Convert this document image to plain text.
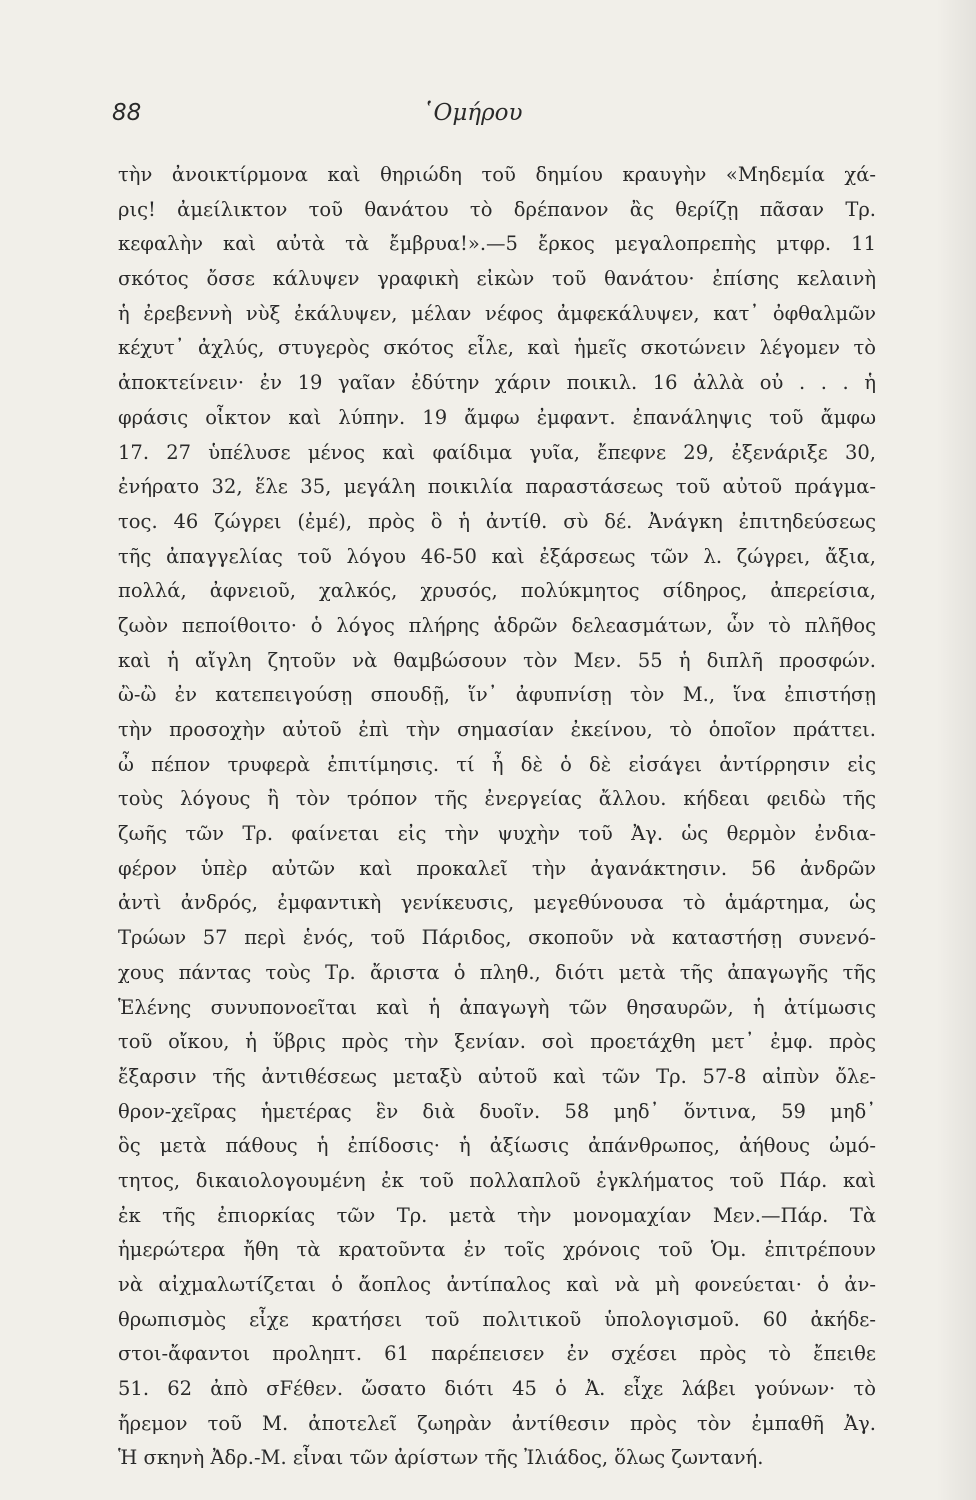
88	῾Ομήρου
τὴν ἀνοικτίρμονα καὶ θηριώδη τοῦ δημίου κραυγὴν «Μηδεμία χά-
ρις! ἀμείλικτον τοῦ θανάτου τὸ δρέπανον ἂς θερίζῃ πᾶσαν Τρ.
κεφαλὴν καὶ αὐτὰ τὰ ἔμβρυα!».—5 ἔρκος μεγαλοπρεπὴς μτφρ. 11
σκότος ὄσσε κάλυψεν γραφικὴ εἰκὼν τοῦ θανάτου· ἐπίσης κελαινὴ
ἡ ἐρεβεννὴ νὺξ ἐκάλυψεν, μέλαν νέφος ἀμφεκάλυψεν, κατ᾽ ὀφθαλμῶν
κέχυτ᾽ ἀχλύς, στυγερὸς σκότος εἷλε, καὶ ἡμεῖς σκοτώνειν λέγομεν τὸ
ἀποκτείνειν· ἐν 19 γαῖαν ἐδύτην χάριν ποικιλ. 16 ἀλλὰ οὐ . . . ἡ
φράσις οἶκτον καὶ λύπην. 19 ἄμφω ἐμφαντ. ἐπανάληψις τοῦ ἄμφω
17. 27 ὑπέλυσε μένος καὶ φαίδιμα γυῖα, ἔπεφνε 29, ἐξενάριξε 30,
ἐνήρατο 32, ἕλε 35, μεγάλη ποικιλία παραστάσεως τοῦ αὐτοῦ πράγμα-
τος. 46 ζώγρει (ἐμέ), πρὸς ὃ ἡ ἀντίθ. σὺ δέ. Ἀνάγκη ἐπιτηδεύσεως
τῆς ἀπαγγελίας τοῦ λόγου 46-50 καὶ ἐξάρσεως τῶν λ. ζώγρει, ἄξια,
πολλά, ἀφνειοῦ, χαλκός, χρυσός, πολύκμητος σίδηρος, ἀπερείσια,
ζωὸν πεποίθοιτο· ὁ λόγος πλήρης ἁδρῶν δελεασμάτων, ὧν τὸ πλῆθος
καὶ ἡ αἴγλη ζητοῦν νὰ θαμβώσουν τὸν Μεν. 55 ἡ διπλῆ προσφών.
ὢ-ὢ ἐν κατεπειγούσῃ σπουδῇ, ἵν᾽ ἀφυπνίσῃ τὸν Μ., ἵνα ἐπιστήσῃ
τὴν προσοχὴν αὐτοῦ ἐπὶ τὴν σημασίαν ἐκείνου, τὸ ὁποῖον πράττει.
ὦ πέπον τρυφερὰ ἐπιτίμησις. τί ἦ δὲ ὁ δὲ εἰσάγει ἀντίρρησιν εἰς
τοὺς λόγους ἢ τὸν τρόπον τῆς ἐνεργείας ἄλλου. κήδεαι φειδὼ τῆς
ζωῆς τῶν Τρ. φαίνεται εἰς τὴν ψυχὴν τοῦ Ἀγ. ὡς θερμὸν ἐνδια-
φέρον ὑπὲρ αὐτῶν καὶ προκαλεῖ τὴν ἀγανάκτησιν. 56 ἀνδρῶν
ἀντὶ ἀνδρός, ἐμφαντικὴ γενίκευσις, μεγεθύνουσα τὸ ἁμάρτημα, ὡς
Τρώων 57 περὶ ἑνός, τοῦ Πάριδος, σκοποῦν νὰ καταστήσῃ συνενό-
χους πάντας τοὺς Τρ. ἄριστα ὁ πληθ., διότι μετὰ τῆς ἀπαγωγῆς τῆς
Ἑλένης συνυπονοεῖται καὶ ἡ ἀπαγωγὴ τῶν θησαυρῶν, ἡ ἀτίμωσις
τοῦ οἴκου, ἡ ὕβρις πρὸς τὴν ξενίαν. σοὶ προετάχθη μετ᾽ ἐμφ. πρὸς
ἔξαρσιν τῆς ἀντιθέσεως μεταξὺ αὐτοῦ καὶ τῶν Τρ. 57-8 αἰπὺν ὄλε-
θρον-χεῖρας ἡμετέρας ἓν διὰ δυοῖν. 58 μηδ᾽ ὅντινα, 59 μηδ᾽
ὃς μετὰ πάθους ἡ ἐπίδοσις· ἡ ἀξίωσις ἀπάνθρωπος, ἀήθους ὠμό-
τητος, δικαιολογουμένη ἐκ τοῦ πολλαπλοῦ ἐγκλήματος τοῦ Πάρ. καὶ
ἐκ τῆς ἐπιορκίας τῶν Τρ. μετὰ τὴν μονομαχίαν Μεν.—Πάρ. Τὰ
ἡμερώτερα ἤθη τὰ κρατοῦντα ἐν τοῖς χρόνοις τοῦ Ὁμ. ἐπιτρέπουν
νὰ αἰχμαλωτίζεται ὁ ἄοπλος ἀντίπαλος καὶ νὰ μὴ φονεύεται· ὁ ἀν-
θρωπισμὸς εἶχε κρατήσει τοῦ πολιτικοῦ ὑπολογισμοῦ. 60 ἀκήδε-
στοι-ἄφαντοι προληπτ. 61 παρέπεισεν ἐν σχέσει πρὸς τὸ ἔπειθε
51. 62 ἀπὸ σFέθεν. ὤσατο διότι 45 ὁ Ἀ. εἶχε λάβει γούνων· τὸ
ἤρεμον τοῦ Μ. ἀποτελεῖ ζωηρὰν ἀντίθεσιν πρὸς τὸν ἐμπαθῆ Ἀγ.
Ἡ σκηνὴ Ἀδρ.-Μ. εἶναι τῶν ἀρίστων τῆς Ἰλιάδος, ὅλως ζωντανή.
